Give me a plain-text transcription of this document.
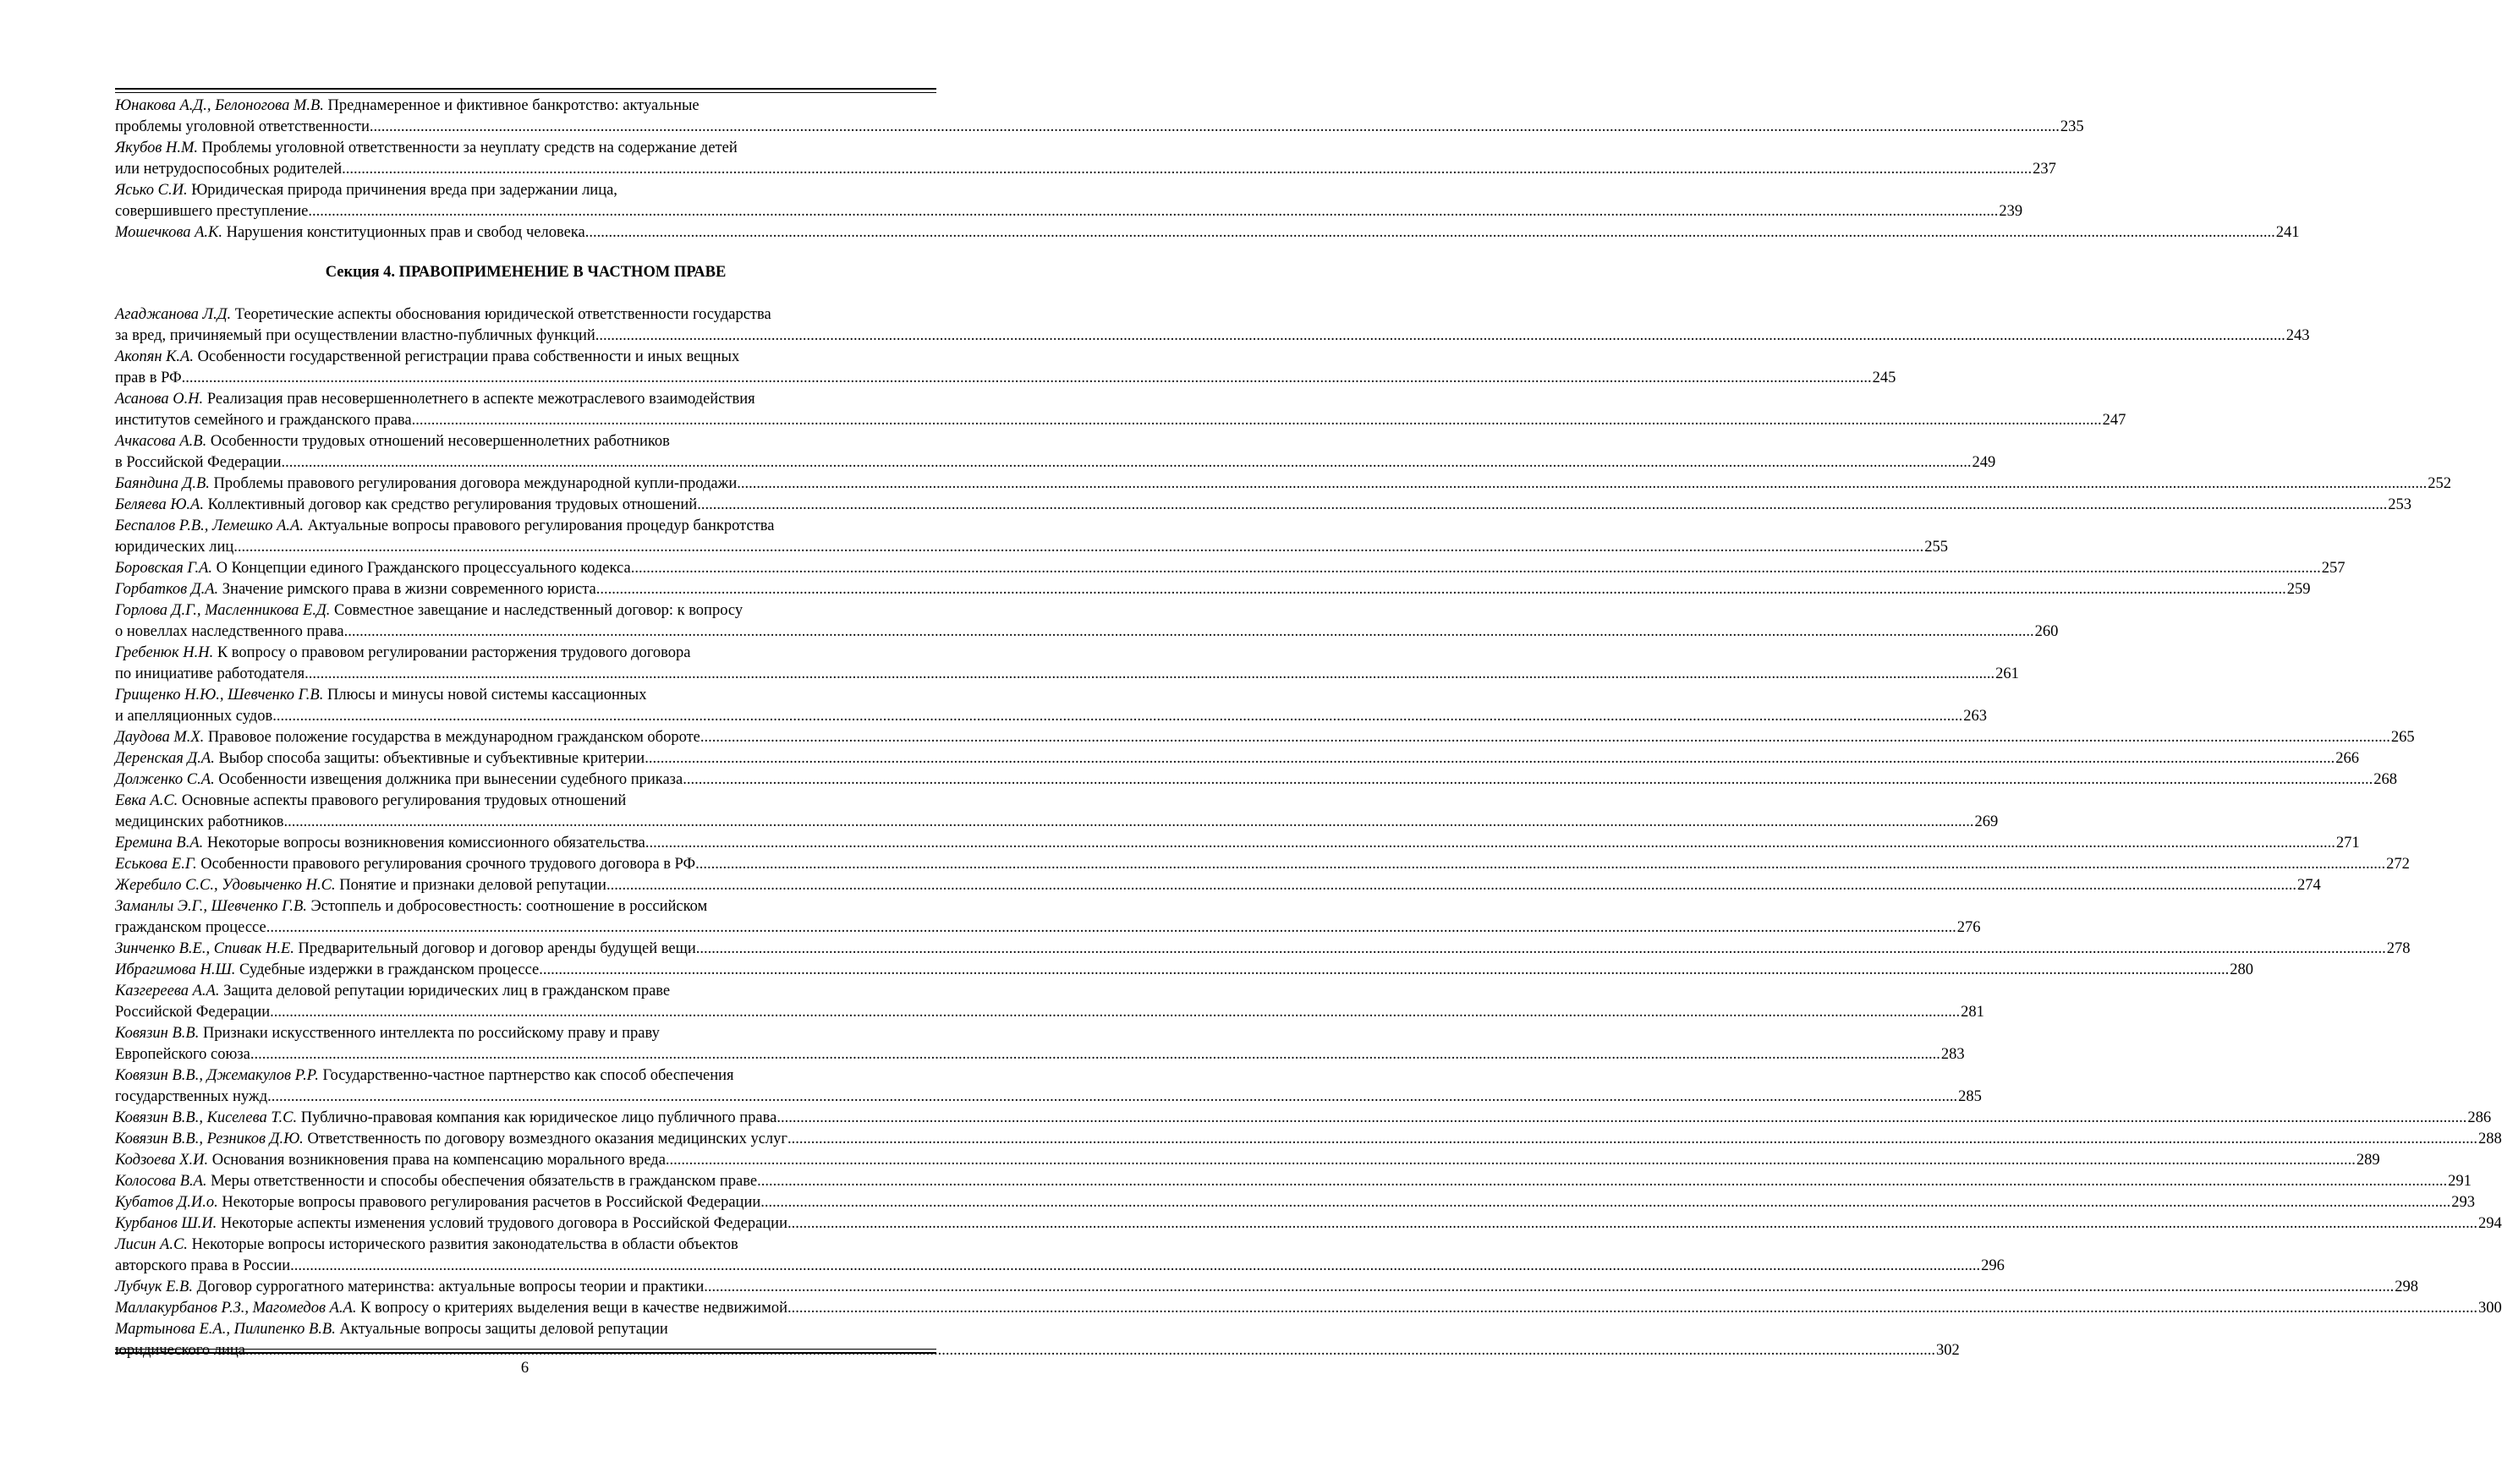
Юнакова А.Д., Белоногова М.В. Преднамеренное и фиктивное банкротство: актуальные
проблемы уголовной ответственности .....	235
Якубов Н.М. Проблемы уголовной ответственности за неуплату средств на содержание детей
или нетрудоспособных родителей .....	237
Ясько С.И. Юридическая природа причинения вреда при задержании лица,
совершившего преступление .....	239
Мошечкова А.К. Нарушения конституционных прав и свобод человека .....	241
Секция 4. ПРАВОПРИМЕНЕНИЕ В ЧАСТНОМ ПРАВЕ
Агаджанова Л.Д. Теоретические аспекты обоснования юридической ответственности государства
за вред, причиняемый при осуществлении властно-публичных функций .....	243
Акопян К.А. Особенности государственной регистрации права собственности и иных вещных
прав в РФ .....	245
Асанова О.Н. Реализация прав несовершеннолетнего в аспекте межотраслевого взаимодействия
институтов семейного и гражданского права .....	247
Ачкасова А.В. Особенности трудовых отношений несовершеннолетних работников
в Российской Федерации .....	249
Баяндина Д.В. Проблемы правового регулирования договора международной купли-продажи .....	252
Беляева Ю.А. Коллективный договор как средство регулирования трудовых отношений .....	253
Беспалов Р.В., Лемешко А.А. Актуальные вопросы правового регулирования процедур банкротства
юридических лиц .....	255
Боровская Г.А. О Концепции единого Гражданского процессуального кодекса .....	257
Горбатков Д.А. Значение римского права в жизни современного юриста .....	259
Горлова Д.Г., Масленникова Е.Д. Совместное завещание и наследственный договор: к вопросу
о новеллах наследственного права .....	260
Гребенюк Н.Н. К вопросу о правовом регулировании расторжения трудового договора
по инициативе работодателя .....	261
Грищенко Н.Ю., Шевченко Г.В. Плюсы и минусы новой системы кассационных
и апелляционных судов .....	263
Даудова М.Х. Правовое положение государства в международном гражданском обороте .....	265
Деренская Д.А. Выбор способа защиты: объективные и субъективные критерии .....	266
Долженко С.А. Особенности извещения должника при вынесении судебного приказа .....	268
Евка А.С. Основные аспекты правового регулирования трудовых отношений
медицинских работников .....	269
Еремина В.А. Некоторые вопросы возникновения комиссионного обязательства .....	271
Еськова Е.Г. Особенности правового регулирования срочного трудового договора в РФ .....	272
Жеребило С.С., Удовыченко Н.С. Понятие и признаки деловой репутации .....	274
Заманлы Э.Г., Шевченко Г.В. Эстоппель и добросовестность: соотношение в российском
гражданском процессе .....	276
Зинченко В.Е., Спивак Н.Е. Предварительный договор и договор аренды будущей вещи .....	278
Ибрагимова Н.Ш. Судебные издержки в гражданском процессе .....	280
Казгереева А.А. Защита деловой репутации юридических лиц в гражданском праве
Российской Федерации .....	281
Ковязин В.В. Признаки искусственного интеллекта по российскому праву и праву
Европейского союза .....	283
Ковязин В.В., Джемакулов Р.Р. Государственно-частное партнерство как способ обеспечения
государственных нужд .....	285
Ковязин В.В., Киселева Т.С. Публично-правовая компания как юридическое лицо публичного права .....	286
Ковязин В.В., Резников Д.Ю. Ответственность по договору возмездного оказания медицинских услуг .....	288
Кодзоева Х.И. Основания возникновения права на компенсацию морального вреда .....	289
Колосова В.А. Меры ответственности и способы обеспечения обязательств в гражданском праве .....	291
Кубатов Д.И.о. Некоторые вопросы правового регулирования расчетов в Российской Федерации .....	293
Курбанов Ш.И. Некоторые аспекты изменения условий трудового договора в Российской Федерации .....	294
Лисин А.С. Некоторые вопросы исторического развития законодательства в области объектов
авторского права в России .....	296
Лубчук Е.В. Договор суррогатного материнства: актуальные вопросы теории и практики .....	298
Маллакурбанов Р.З., Магомедов А.А. К вопросу о критериях выделения вещи в качестве недвижимой .....	300
Мартынова Е.А., Пилипенко В.В. Актуальные вопросы защиты деловой репутации
юридического лица .....	302
6
